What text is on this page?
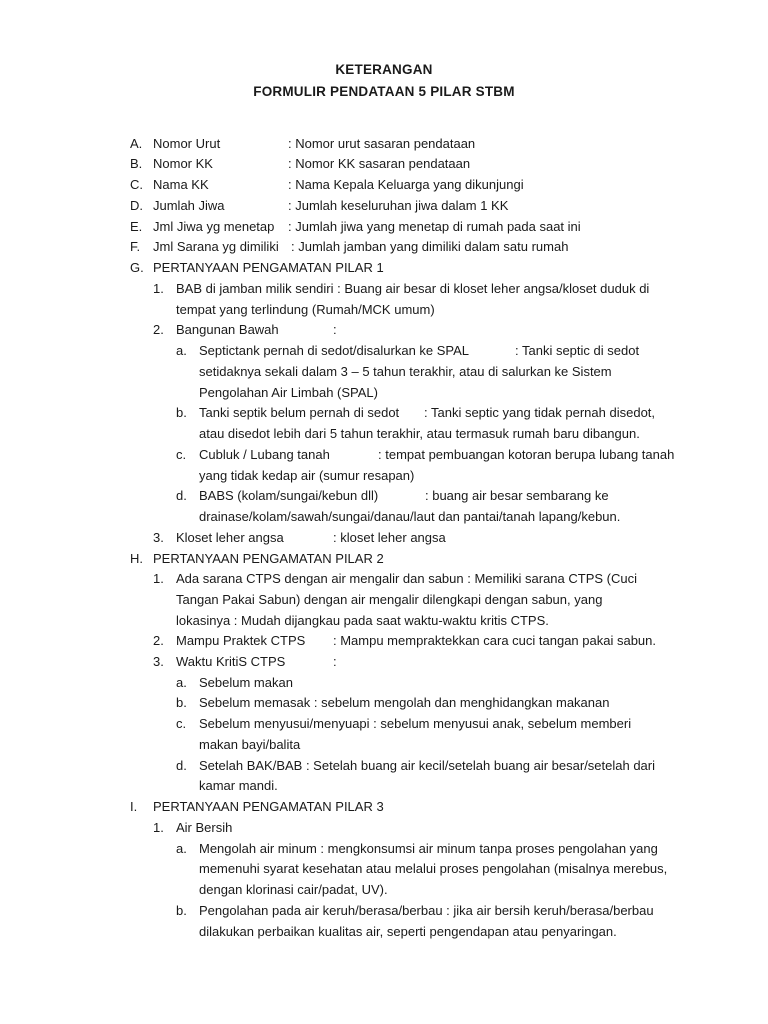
KETERANGAN
FORMULIR PENDATAAN 5 PILAR STBM
A. Nomor Urut	: Nomor urut sasaran pendataan
B. Nomor KK	: Nomor KK sasaran pendataan
C. Nama KK	: Nama Kepala Keluarga yang dikunjungi
D. Jumlah Jiwa	: Jumlah keseluruhan jiwa dalam 1 KK
E. Jml Jiwa yg menetap : Jumlah jiwa yang menetap di rumah pada saat ini
F. Jml Sarana yg dimiliki : Jumlah jamban yang dimiliki dalam satu rumah
G. PERTANYAAN PENGAMATAN PILAR 1
1. BAB di jamban milik sendiri : Buang air besar di kloset leher angsa/kloset duduk di
tempat yang terlindung (Rumah/MCK umum)
2. Bangunan Bawah	:
a. Septictank pernah di sedot/disalurkan ke SPAL	: Tanki septic di sedot
setidaknya sekali dalam 3 – 5 tahun terakhir, atau di salurkan ke Sistem
Pengolahan Air Limbah (SPAL)
b. Tanki septik belum pernah di sedot : Tanki septic yang tidak pernah disedot,
atau disedot lebih dari 5 tahun terakhir, atau termasuk rumah baru dibangun.
c. Cubluk / Lubang tanah	: tempat pembuangan kotoran berupa lubang tanah
yang tidak kedap air (sumur resapan)
d. BABS (kolam/sungai/kebun dll)	: buang air besar sembarang ke
drainase/kolam/sawah/sungai/danau/laut dan pantai/tanah lapang/kebun.
3. Kloset leher angsa	: kloset leher angsa
H. PERTANYAAN PENGAMATAN PILAR 2
1. Ada sarana CTPS dengan air mengalir dan sabun : Memiliki sarana CTPS (Cuci
Tangan Pakai Sabun) dengan air mengalir dilengkapi dengan sabun, yang
lokasinya : Mudah dijangkau pada saat waktu-waktu kritis CTPS.
2. Mampu Praktek CTPS : Mampu mempraktekkan cara cuci tangan pakai sabun.
3. Waktu KritiS CTPS	:
a. Sebelum makan
b. Sebelum memasak : sebelum mengolah dan menghidangkan makanan
c. Sebelum menyusui/menyuapi : sebelum menyusui anak, sebelum memberi
makan bayi/balita
d. Setelah BAK/BAB : Setelah buang air kecil/setelah buang air besar/setelah dari
kamar mandi.
I. PERTANYAAN PENGAMATAN PILAR 3
1. Air Bersih
a. Mengolah air minum : mengkonsumsi air minum tanpa proses pengolahan yang
memenuhi syarat kesehatan atau melalui proses pengolahan (misalnya merebus,
dengan klorinasi cair/padat, UV).
b. Pengolahan pada air keruh/berasa/berbau : jika air bersih keruh/berasa/berbau
dilakukan perbaikan kualitas air, seperti pengendapan atau penyaringan.
